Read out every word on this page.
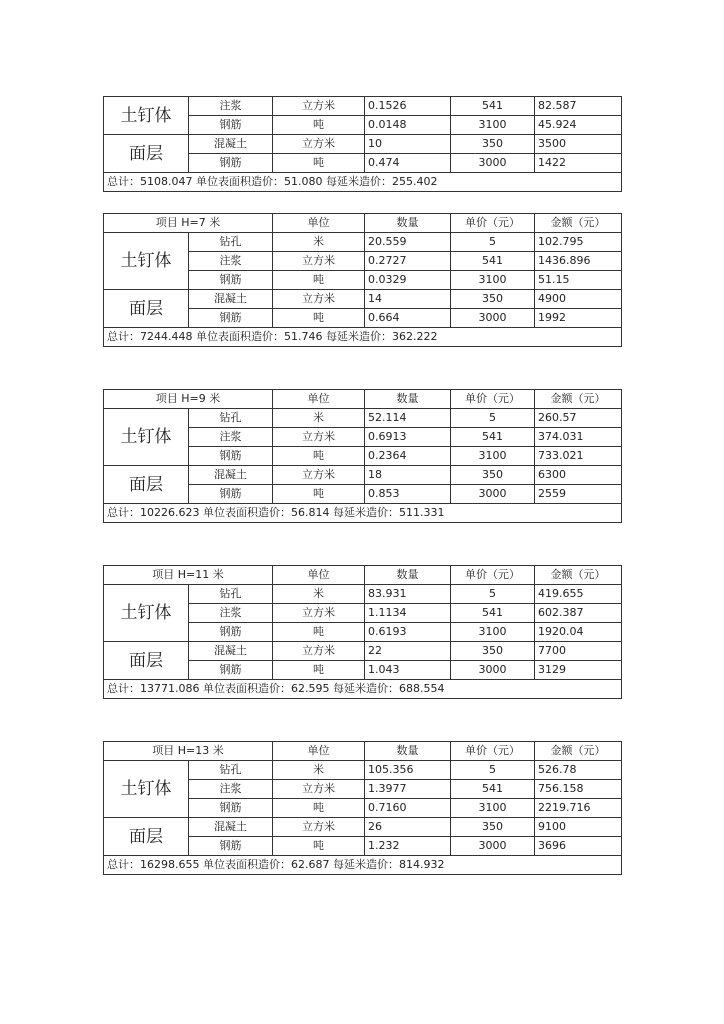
土钉体	注浆	立方米	0.1526	541	82.587
	钢筋	吨	0.0148	3100	45.924
面层	混凝土	立方米	10	350	3500
	钢筋	吨	0.474	3000	1422
总计：5108.047 单位表面积造价：51.080 每延米造价：255.402					
项目 H=7 米		单位	数量	单价（元）	金额（元）
土钉体	钻孔	米	20.559	5	102.795
	注浆	立方米	0.2727	541	1436.896
	钢筋	吨	0.0329	3100	51.15
面层	混凝土	立方米	14	350	4900
	钢筋	吨	0.664	3000	1992
总计：7244.448 单位表面积造价：51.746 每延米造价：362.222					
项目 H=9 米		单位	数量	单价（元）	金额（元）
土钉体	钻孔	米	52.114	5	260.57
	注浆	立方米	0.6913	541	374.031
	钢筋	吨	0.2364	3100	733.021
面层	混凝土	立方米	18	350	6300
	钢筋	吨	0.853	3000	2559
总计：10226.623 单位表面积造价：56.814 每延米造价：511.331					
项目 H=11 米		单位	数量	单价（元）	金额（元）
土钉体	钻孔	米	83.931	5	419.655
	注浆	立方米	1.1134	541	602.387
	钢筋	吨	0.6193	3100	1920.04
面层	混凝土	立方米	22	350	7700
	钢筋	吨	1.043	3000	3129
总计：13771.086 单位表面积造价：62.595 每延米造价：688.554					
项目 H=13 米		单位	数量	单价（元）	金额（元）
土钉体	钻孔	米	105.356	5	526.78
	注浆	立方米	1.3977	541	756.158
	钢筋	吨	0.7160	3100	2219.716
面层	混凝土	立方米	26	350	9100
	钢筋	吨	1.232	3000	3696
总计：16298.655 单位表面积造价：62.687 每延米造价：814.932					
